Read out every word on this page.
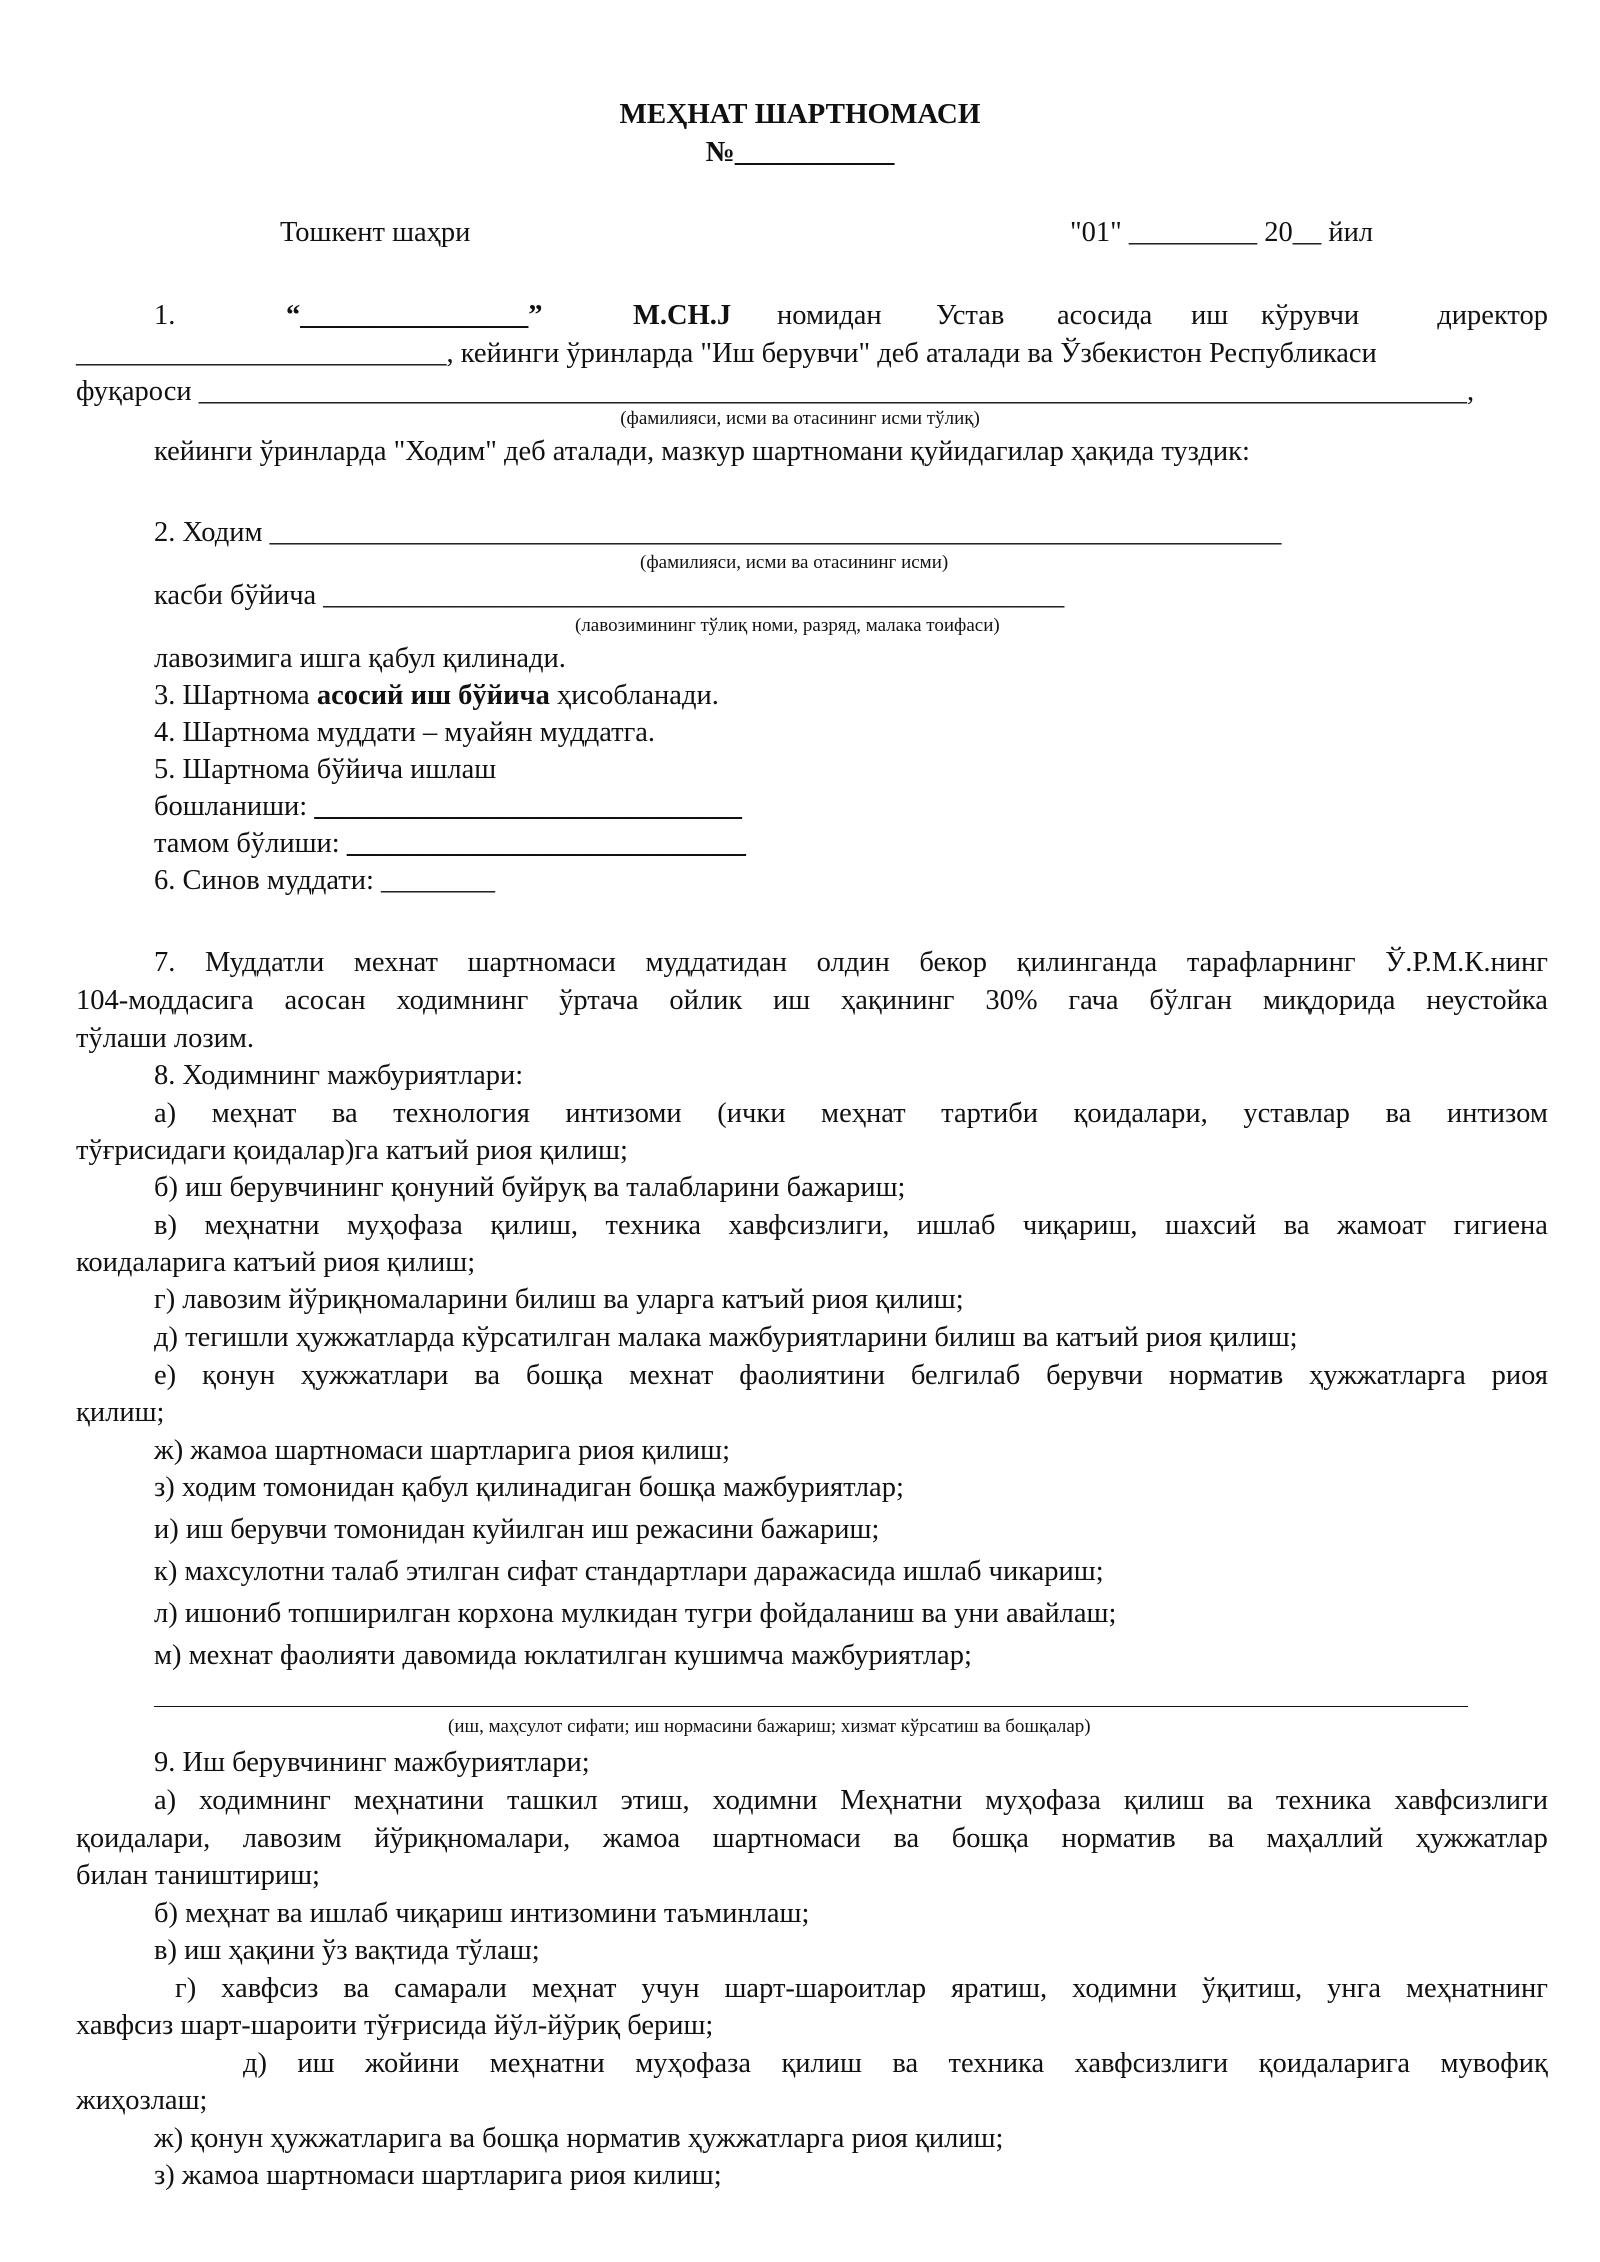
МЕҲНАТ ШАРТНОМАСИ
№___________
Тошкент шаҳри	"01" _________ 20__ йил
1.	“________________”	M.CH.J номидан Устав асосида иш кўрувчи	директор
__________________________, кейинги ўринларда "Иш берувчи" деб аталади ва Ўзбекистон Республикаси
фуқароси _________________________________________________________________________________________,
(фамилияси, исми ва отасининг исми тўлиқ)
кейинги ўринларда "Ходим" деб аталади, мазкур шартномани қуйидагилар ҳақида туздик:
2. Ходим _______________________________________________________________________
(фамилияси, исми ва отасининг исми)
касби бўйича ____________________________________________________
(лавозимининг тўлиқ номи, разряд, малака тоифаси)
лавозимига ишга қабул қилинади.
3. Шартнома асосий иш бўйича ҳисобланади.
4. Шартнома муддати – муайян муддатга.
5. Шартнома бўйича ишлаш
бошланиши: ______________________________
тамом бўлиши: ____________________________
6. Синов муддати: ________
7. Муддатли мехнат шартномаси муддатидан олдин бекор қилинганда тарафларнинг Ў.Р.М.К.нинг
104-моддасига асосан ходимнинг ўртача ойлик иш ҳақининг 30% гача бўлган миқдорида неустойка
тўлаши лозим.
8. Ходимнинг мажбуриятлари:
а) меҳнат ва технология интизоми (ички меҳнат тартиби қоидалари, уставлар ва интизом
тўғрисидаги қоидалар)га катъий риоя қилиш;
б) иш берувчининг қонуний буйруқ ва талабларини бажариш;
в) меҳнатни муҳофаза қилиш, техника хавфсизлиги, ишлаб чиқариш, шахсий ва жамоат гигиена
коидаларига катъий риоя қилиш;
г) лавозим йўриқномаларини билиш ва уларга катъий риоя қилиш;
д) тегишли ҳужжатларда кўрсатилган малака мажбуриятларини билиш ва катъий риоя қилиш;
е) қонун ҳужжатлари ва бошқа мехнат фаолиятини белгилаб берувчи норматив ҳужжатларга риоя
қилиш;
ж) жамоа шартномаси шартларига риоя қилиш;
з) ходим томонидан қабул қилинадиган бошқа мажбуриятлар;
и) иш берувчи томонидан куйилган иш режасини бажариш;
к) махсулотни талаб этилган сифат стандартлари даражасида ишлаб чикариш;
л) ишониб топширилган корхона мулкидан тугри фойдаланиш ва уни авайлаш;
м) мехнат фаолияти давомида юклатилган кушимча мажбуриятлар;
(иш, маҳсулот сифати; иш нормасини бажариш; хизмат кўрсатиш ва бошқалар)
9. Иш берувчининг мажбуриятлари;
а) ходимнинг меҳнатини ташкил этиш, ходимни Меҳнатни муҳофаза қилиш ва техника хавфсизлиги
қоидалари, лавозим йўриқномалари, жамоа шартномаси ва бошқа норматив ва маҳаллий ҳужжатлар
билан таништириш;
б) меҳнат ва ишлаб чиқариш интизомини таъминлаш;
в) иш ҳақини ўз вақтида тўлаш;
г) хавфсиз ва самарали меҳнат учун шарт-шароитлар яратиш, ходимни ўқитиш, унга меҳнатнинг
хавфсиз шарт-шароити тўғрисида йўл-йўриқ бериш;
д) иш жойини меҳнатни муҳофаза қилиш ва техника хавфсизлиги қоидаларига мувофиқ
жиҳозлаш;
ж) қонун ҳужжатларига ва бошқа норматив ҳужжатларга риоя қилиш;
з) жамоа шартномаси шартларига риоя килиш;
